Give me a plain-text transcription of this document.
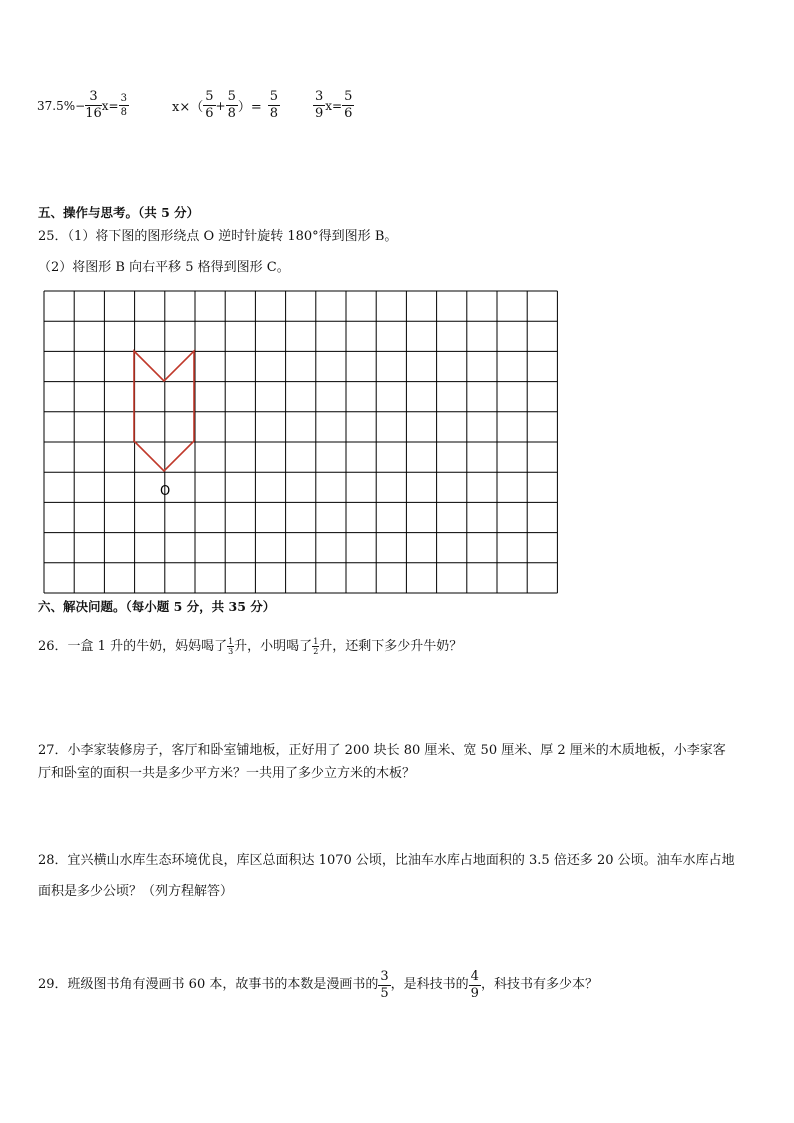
$37.5\%- \frac{3}{16} x= \frac{3}{8}$	$x\times( \frac{5}{6} + \frac{5}{8}$ ）= $\frac{5}{8}$	$\frac{3}{9} x= \frac{5}{6}$
五、操作与思考。（共 5 分）
25．（1）将下图的图形绕点 O 逆时针旋转 180°得到图形 B。
（2）将图形 B 向右平移 5 格得到图形 C。
O
六、解决问题。（每小题 5 分，共 35 分）
26．一盒 1 升的牛奶，妈妈喝了 $\frac{1}{3}$ 升，小明喝了 $\frac{1}{2}$ 升，还剩下多少升牛奶？
27．小李家装修房子，客厅和卧室铺地板，正好用了 200 块长 80 厘米、宽 50 厘米、厚 2 厘米的木质地板，小李家客
厅和卧室的面积一共是多少平方米？一共用了多少立方米的木板？
28．宜兴横山水库生态环境优良，库区总面积达 1070 公顷，比油车水库占地面积的 3.5 倍还多 20 公顷。油车水库占地
面积是多少公顷？（列方程解答）
29．班级图书角有漫画书 60 本，故事书的本数是漫画书的 $\frac{3}{5}$ ，是科技书的 $\frac{4}{9}$ ，科技书有多少本？
